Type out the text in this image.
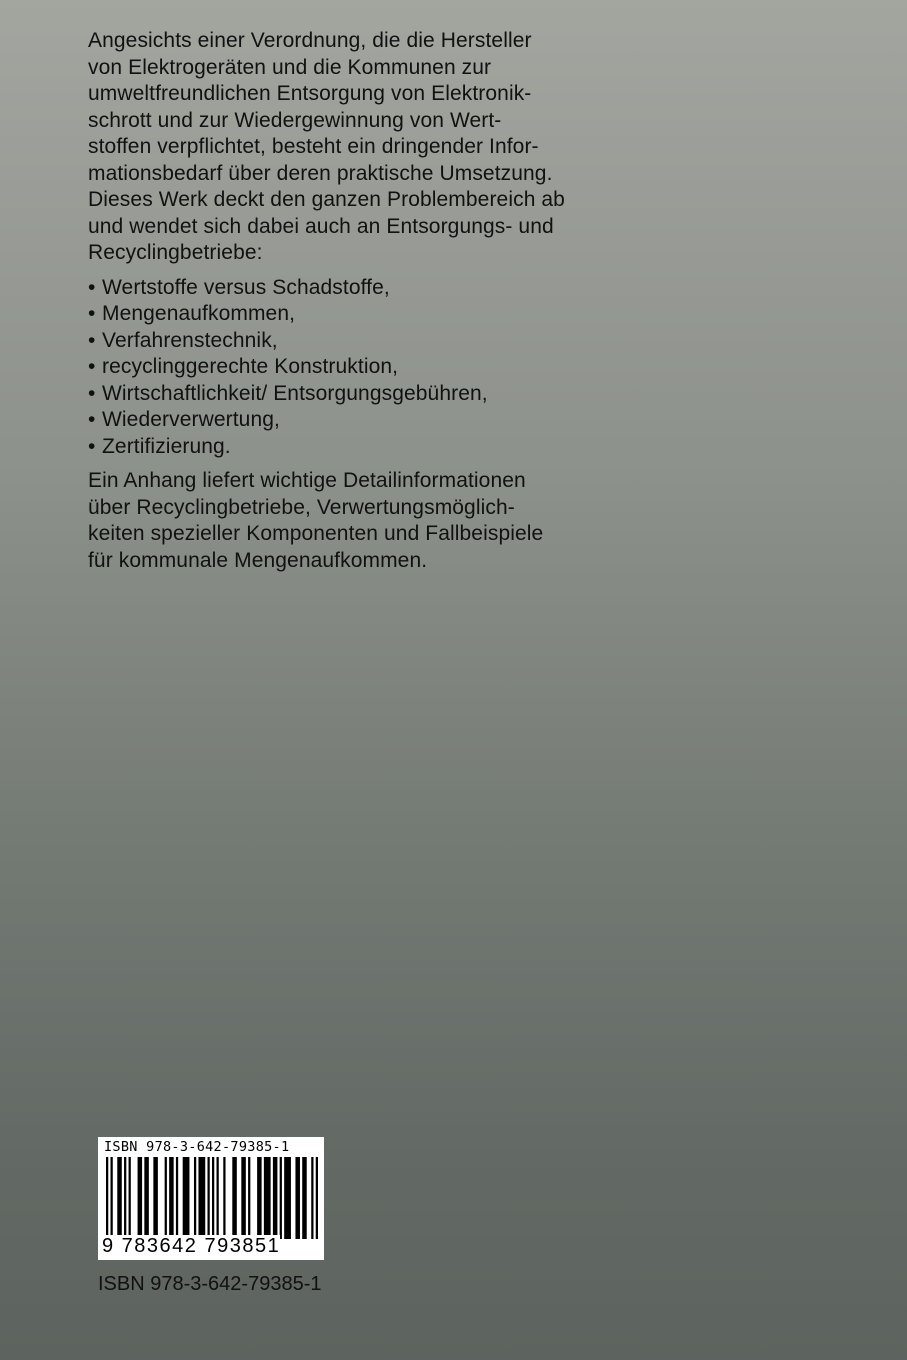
Angesichts einer Verordnung, die die Hersteller
von Elektrogeräten und die Kommunen zur
umweltfreundlichen Entsorgung von Elektronik-
schrott und zur Wiedergewinnung von Wert-
stoffen verpflichtet, besteht ein dringender Infor-
mationsbedarf über deren praktische Umsetzung.
Dieses Werk deckt den ganzen Problembereich ab
und wendet sich dabei auch an Entsorgungs- und
Recyclingbetriebe:
• Wertstoffe versus Schadstoffe,
• Mengenaufkommen,
• Verfahrenstechnik,
• recyclinggerechte Konstruktion,
• Wirtschaftlichkeit/ Entsorgungsgebühren,
• Wiederverwertung,
• Zertifizierung.
Ein Anhang liefert wichtige Detailinformationen
über Recyclingbetriebe, Verwertungsmöglich-
keiten spezieller Komponenten und Fallbeispiele
für kommunale Mengenaufkommen.
ISBN 978-3-642-79385-1
9 783642 793851
ISBN 978-3-642-79385-1
